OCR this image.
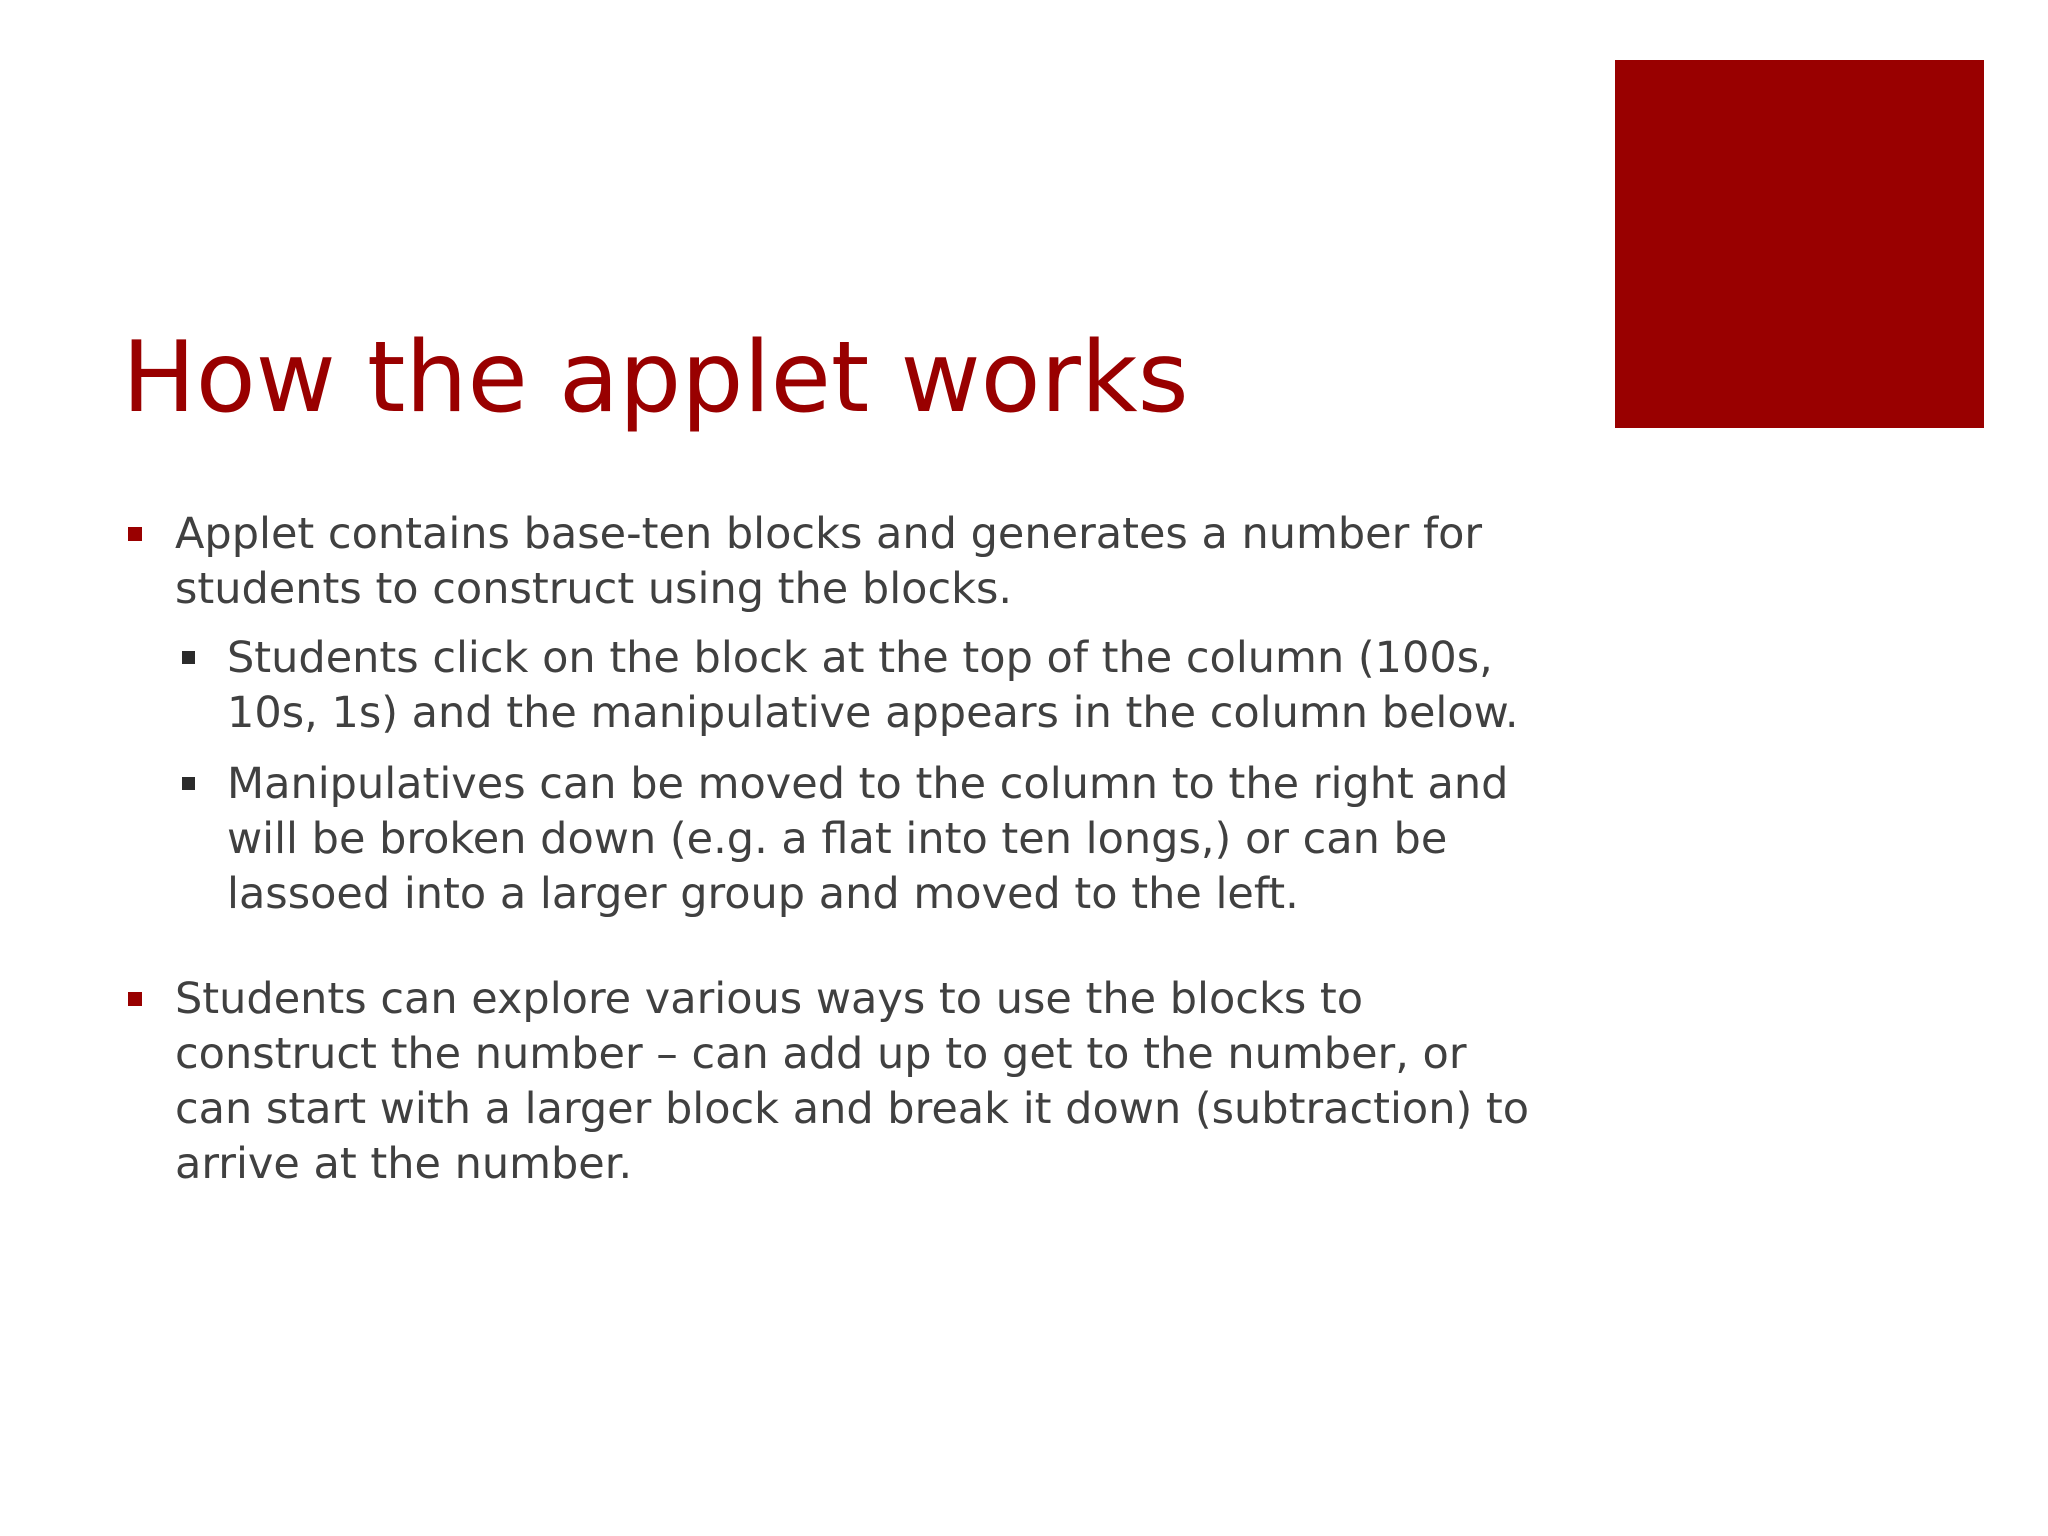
How the applet works
Applet contains base-ten blocks and generates a number for students to construct using the blocks.
Students click on the block at the top of the column (100s, 10s, 1s) and the manipulative appears in the column below.
Manipulatives can be moved to the column to the right and will be broken down (e.g. a flat into ten longs,) or can be lassoed into a larger group and moved to the left.
Students can explore various ways to use the blocks to construct the number – can add up to get to the number, or can start with a larger block and break it down (subtraction) to arrive at the number.
